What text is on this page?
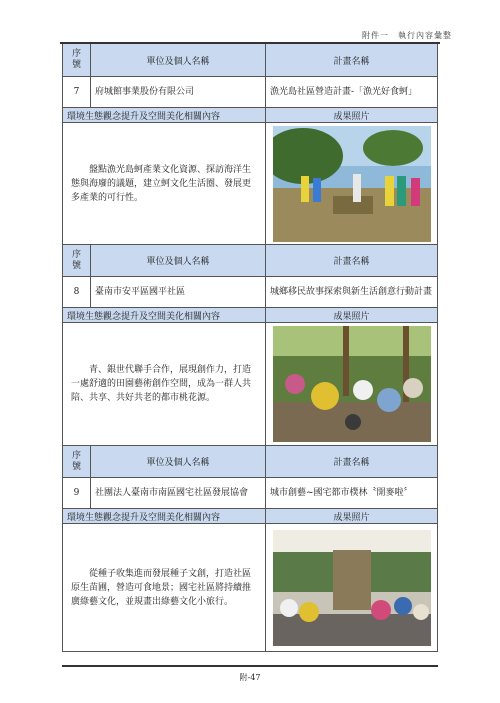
附件一　執行內容彙整
序號	單位及個人名稱	計畫名稱
7	府城館事業股份有限公司	漁光島社區營造計畫-「漁光好食蚵」
環境生態觀念提升及空間美化相關內容	成果照片
盤點漁光島蚵產業文化資源、探訪海洋生態與海廢的議題，建立蚵文化生活圈、發展更多產業的可行性。
序號	單位及個人名稱	計畫名稱
8	臺南市安平區國平社區	城鄉移民故事探索與新生活創意行動計畫
環境生態觀念提升及空間美化相關內容	成果照片
青、銀世代聯手合作，展現創作力，打造一處舒適的田園藝術創作空間，成為一群人共陪、共享、共好共老的都市桃花源。
序號	單位及個人名稱	計畫名稱
9	社團法人臺南市南區國宅社區發展協會	城市創藝~國宅都市樸林〝開麥啦〞
環境生態觀念提升及空間美化相關內容	成果照片
從種子收集進而發展種子文創，打造社區原生苗圃，營造可食地景；國宅社區將持續推廣綠藝文化，並規畫出綠藝文化小旅行。
附-47
